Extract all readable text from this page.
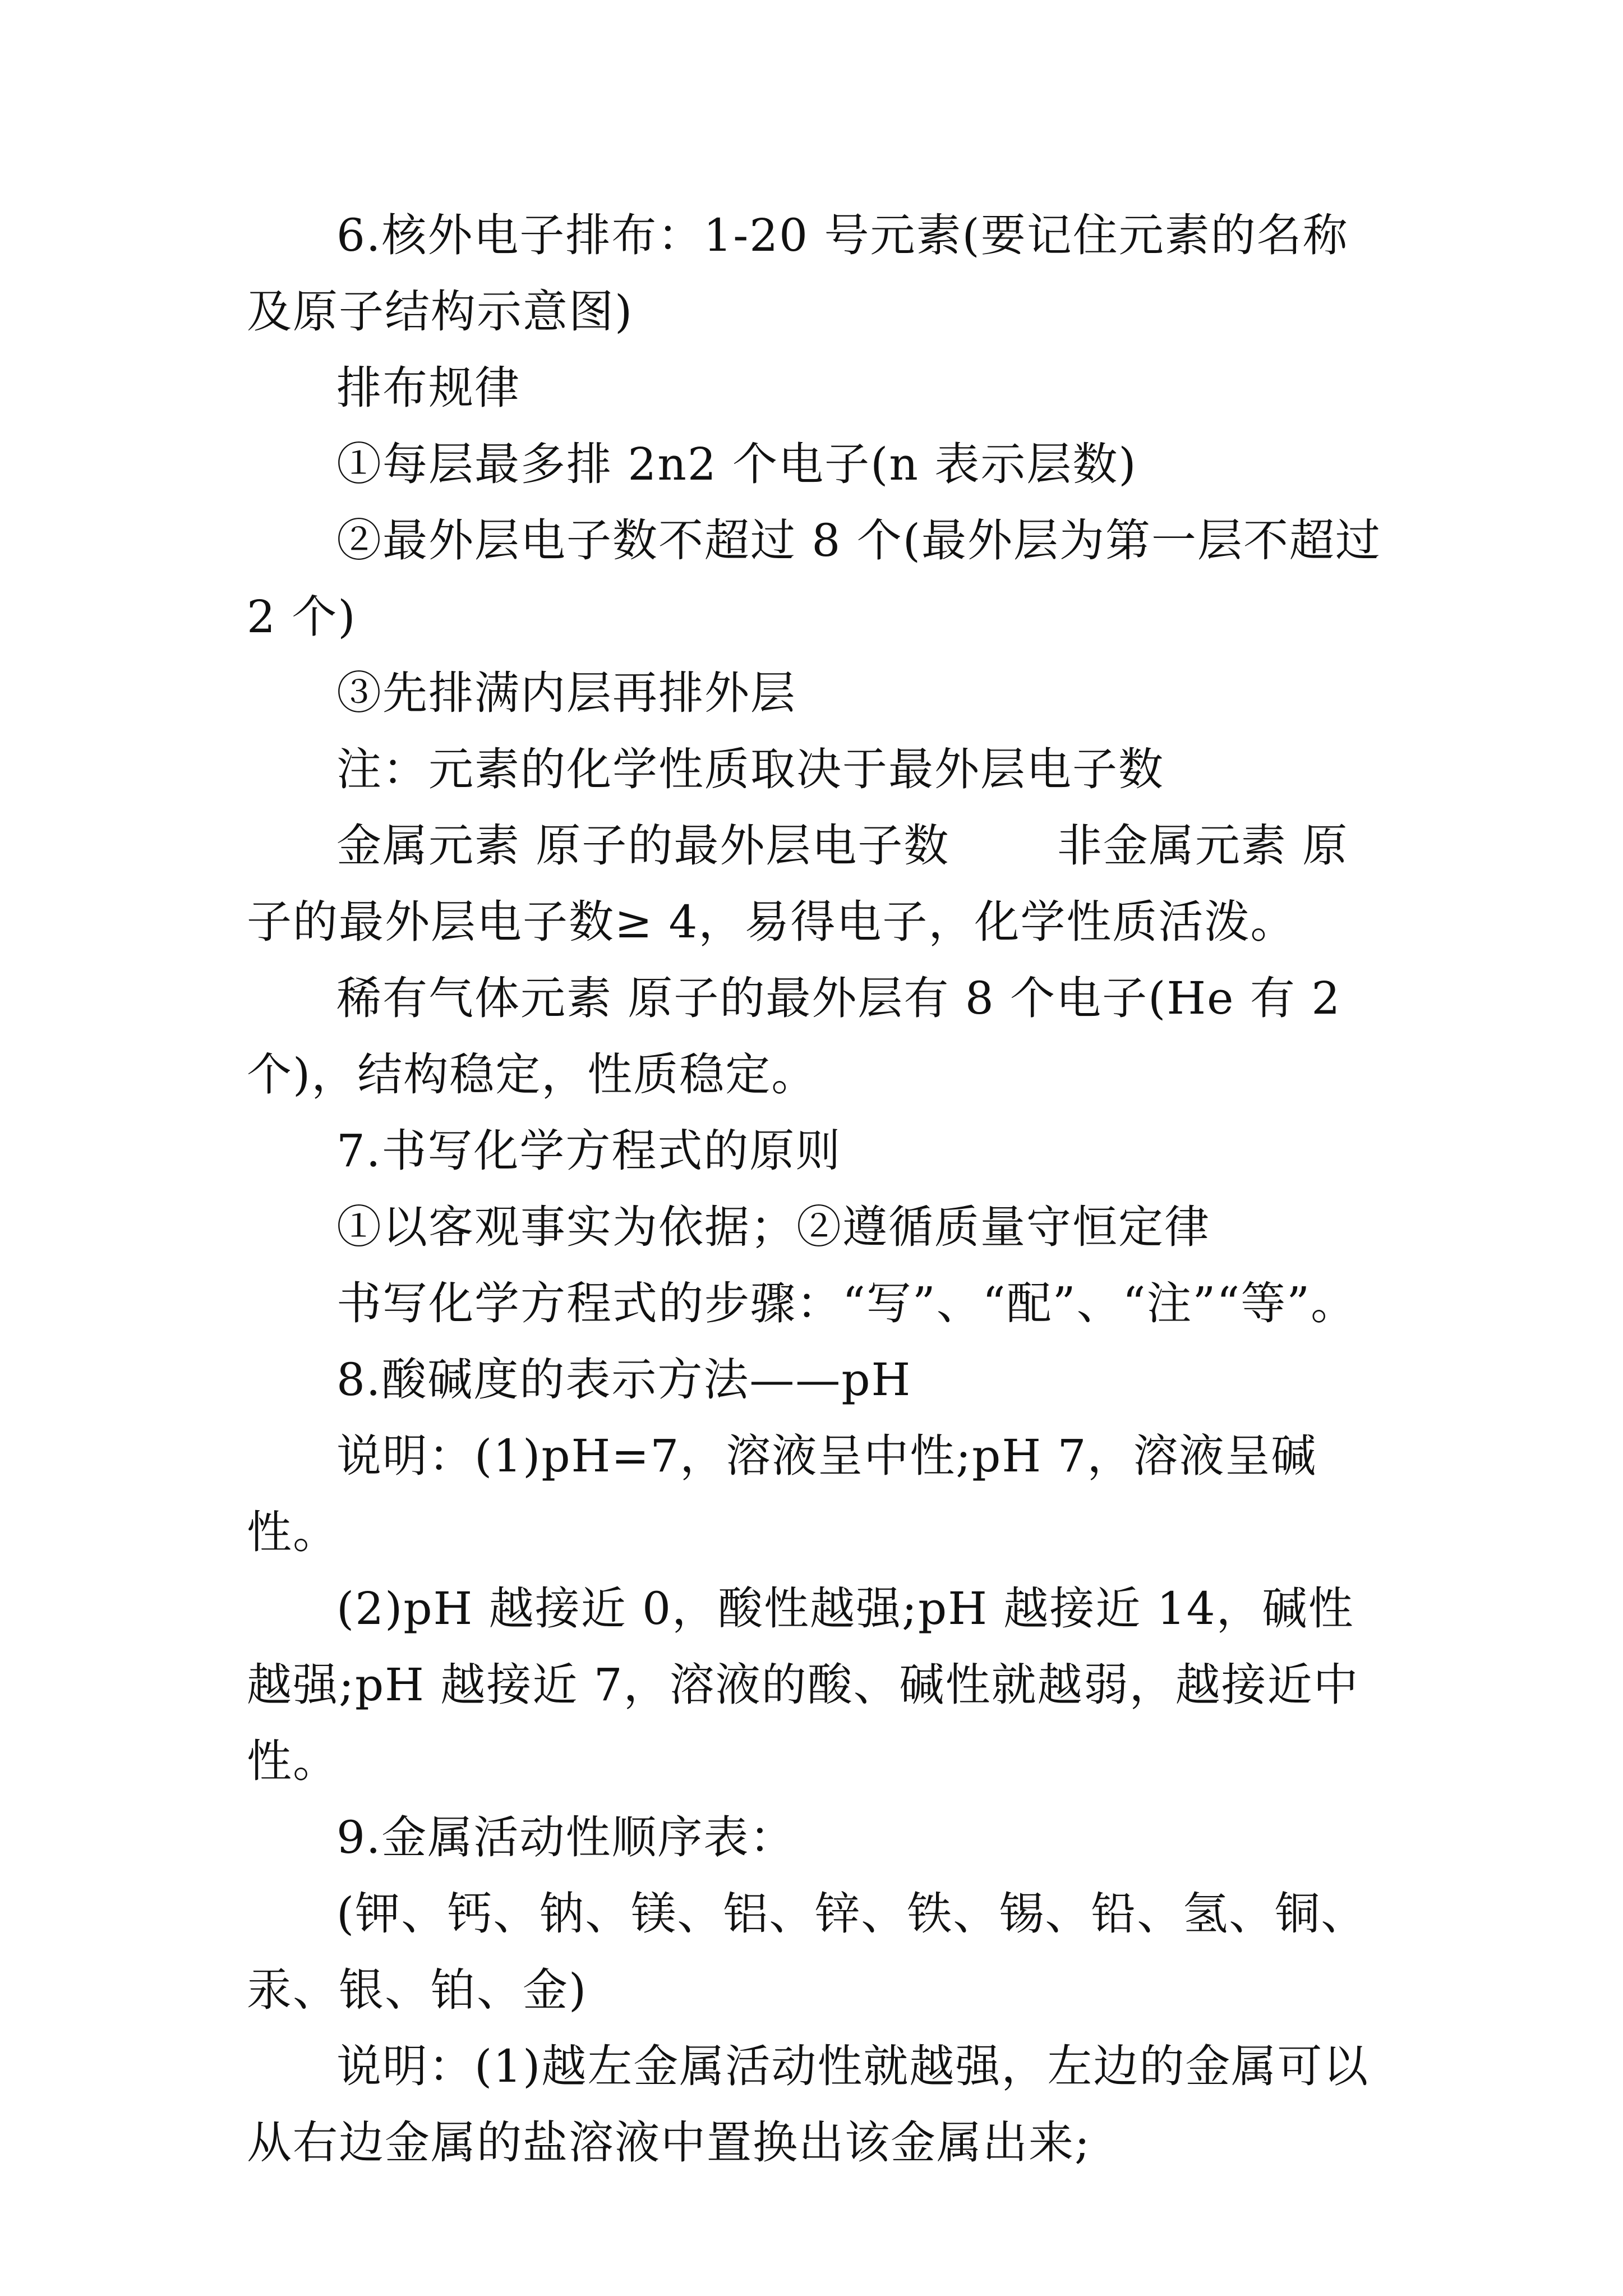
6.核外电子排布：1-20 号元素(要记住元素的名称及原子结构示意图)

排布规律

①每层最多排 2n2 个电子(n 表示层数)

②最外层电子数不超过 8 个(最外层为第一层不超过 2 个)

③先排满内层再排外层

注：元素的化学性质取决于最外层电子数

金属元素 原子的最外层电子数 　　非金属元素 原子的最外层电子数≥ 4，易得电子，化学性质活泼。

稀有气体元素 原子的最外层有 8 个电子(He 有 2 个)，结构稳定，性质稳定。

7.书写化学方程式的原则

①以客观事实为依据；②遵循质量守恒定律

书写化学方程式的步骤：“写”、“配”、“注”“等”。

8.酸碱度的表示方法——pH

说明：(1)pH=7，溶液呈中性;pH 7，溶液呈碱性。

(2)pH 越接近 0，酸性越强;pH 越接近 14，碱性越强;pH 越接近 7，溶液的酸、碱性就越弱，越接近中性。

9.金属活动性顺序表：

(钾、钙、钠、镁、铝、锌、铁、锡、铅、氢、铜、汞、银、铂、金)

说明：(1)越左金属活动性就越强，左边的金属可以从右边金属的盐溶液中置换出该金属出来;
